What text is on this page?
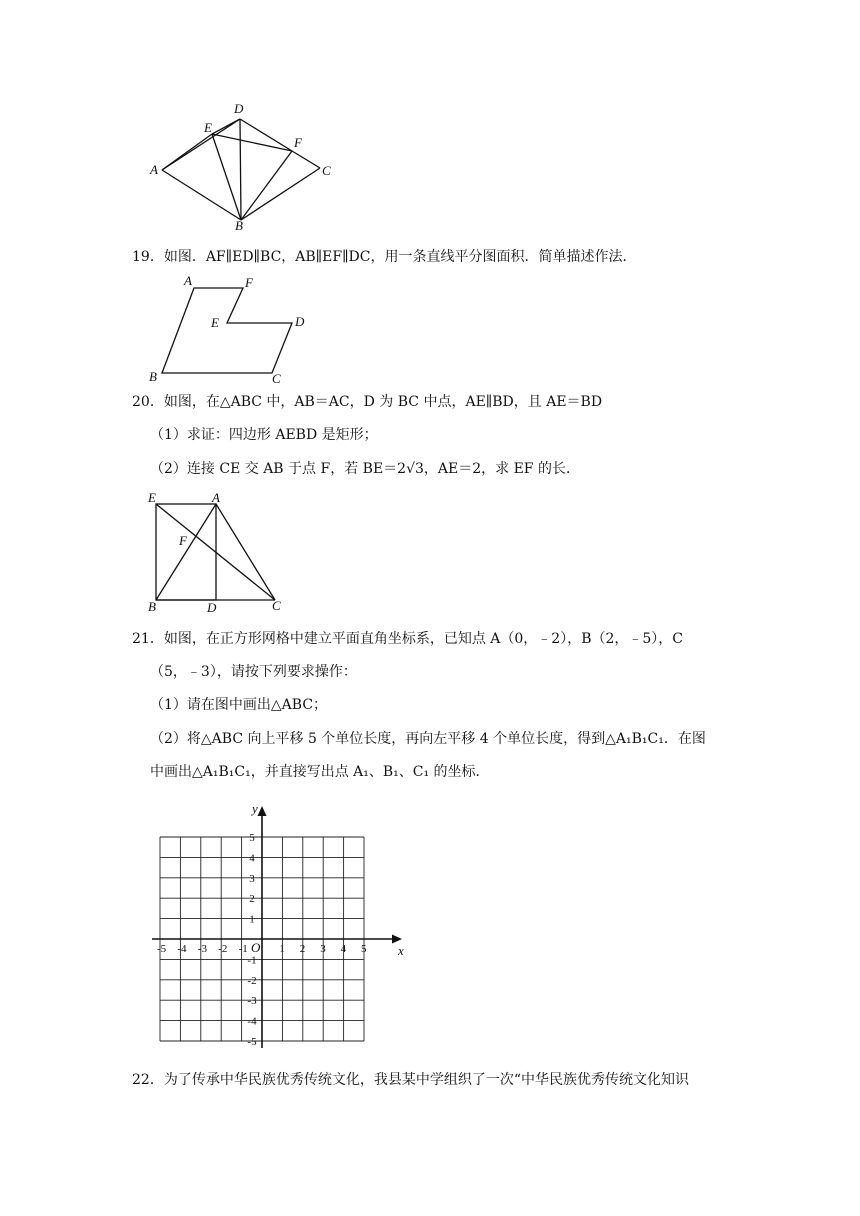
A
B
C
D
E
F
19．如图．AF∥ED∥BC，AB∥EF∥DC，用一条直线平分图面积．简单描述作法．
A	F
E	D
B	C
20．如图，在△ABC 中，AB＝AC，D 为 BC 中点，AE∥BD，且 AE＝BD
（1）求证：四边形 AEBD 是矩形；
（2）连接 CE 交 AB 于点 F，若 BE＝2√3，AE＝2，求 EF 的长．
E	A
F
B	D	C
21．如图，在正方形网格中建立平面直角坐标系，已知点 A（0，﹣2），B（2，﹣5），C
（5，﹣3），请按下列要求操作：
（1）请在图中画出△ABC；
（2）将△ABC 向上平移 5 个单位长度，再向左平移 4 个单位长度，得到△A₁B₁C₁．在图
中画出△A₁B₁C₁，并直接写出点 A₁、B₁、C₁ 的坐标．
x
y
O
-5 -4 -3 -2 -1	1 2 3 4 5
5
4
3
2
1
-1
-2
-3
-4
-5
22．为了传承中华民族优秀传统文化，我县某中学组织了一次“中华民族优秀传统文化知识
